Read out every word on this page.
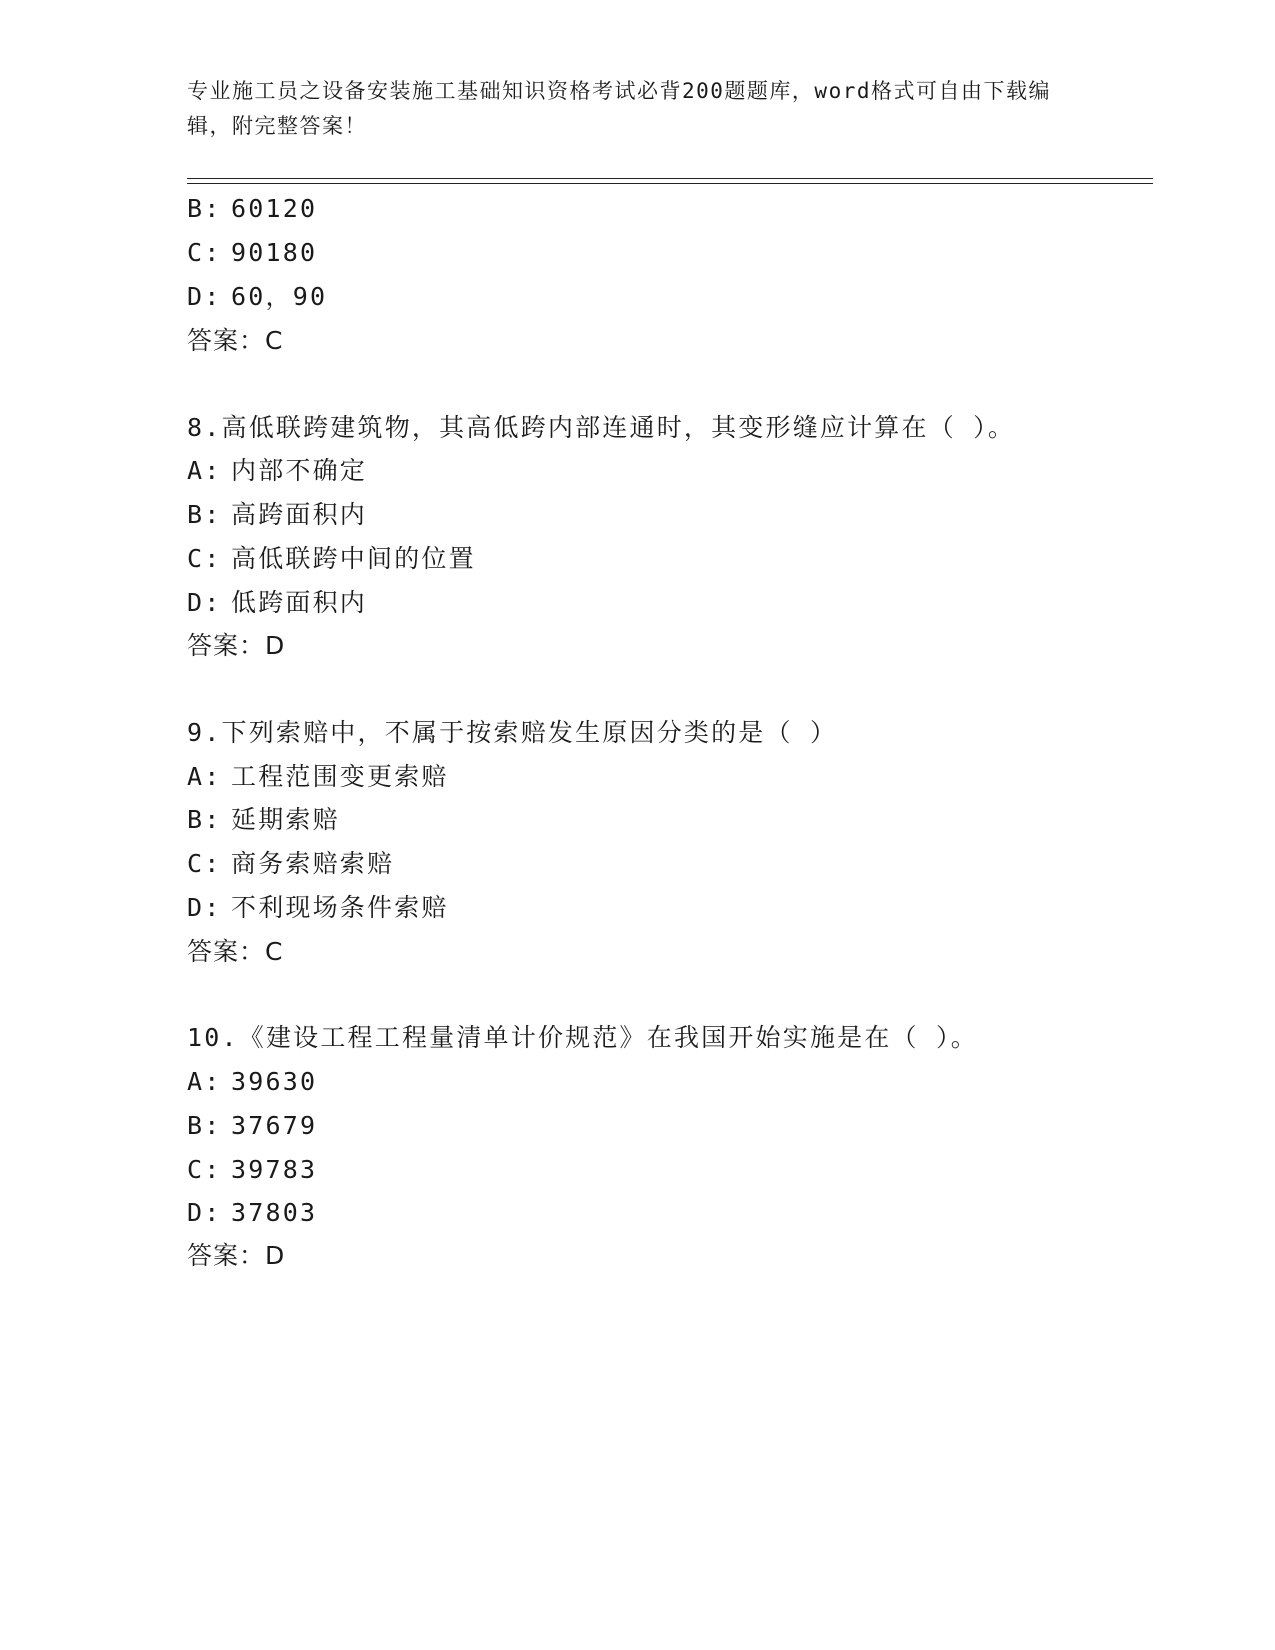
专业施工员之设备安装施工基础知识资格考试必背200题题库，word格式可自由下载编辑，附完整答案！
B: 60120
C: 90180
D: 60，90
答案：C
8.高低联跨建筑物，其高低跨内部连通时，其变形缝应计算在（ ）。
A: 内部不确定
B: 高跨面积内
C: 高低联跨中间的位置
D: 低跨面积内
答案：D
9.下列索赔中，不属于按索赔发生原因分类的是（ ）
A: 工程范围变更索赔
B: 延期索赔
C: 商务索赔索赔
D: 不利现场条件索赔
答案：C
10.《建设工程工程量清单计价规范》在我国开始实施是在（ ）。
A: 39630
B: 37679
C: 39783
D: 37803
答案：D
